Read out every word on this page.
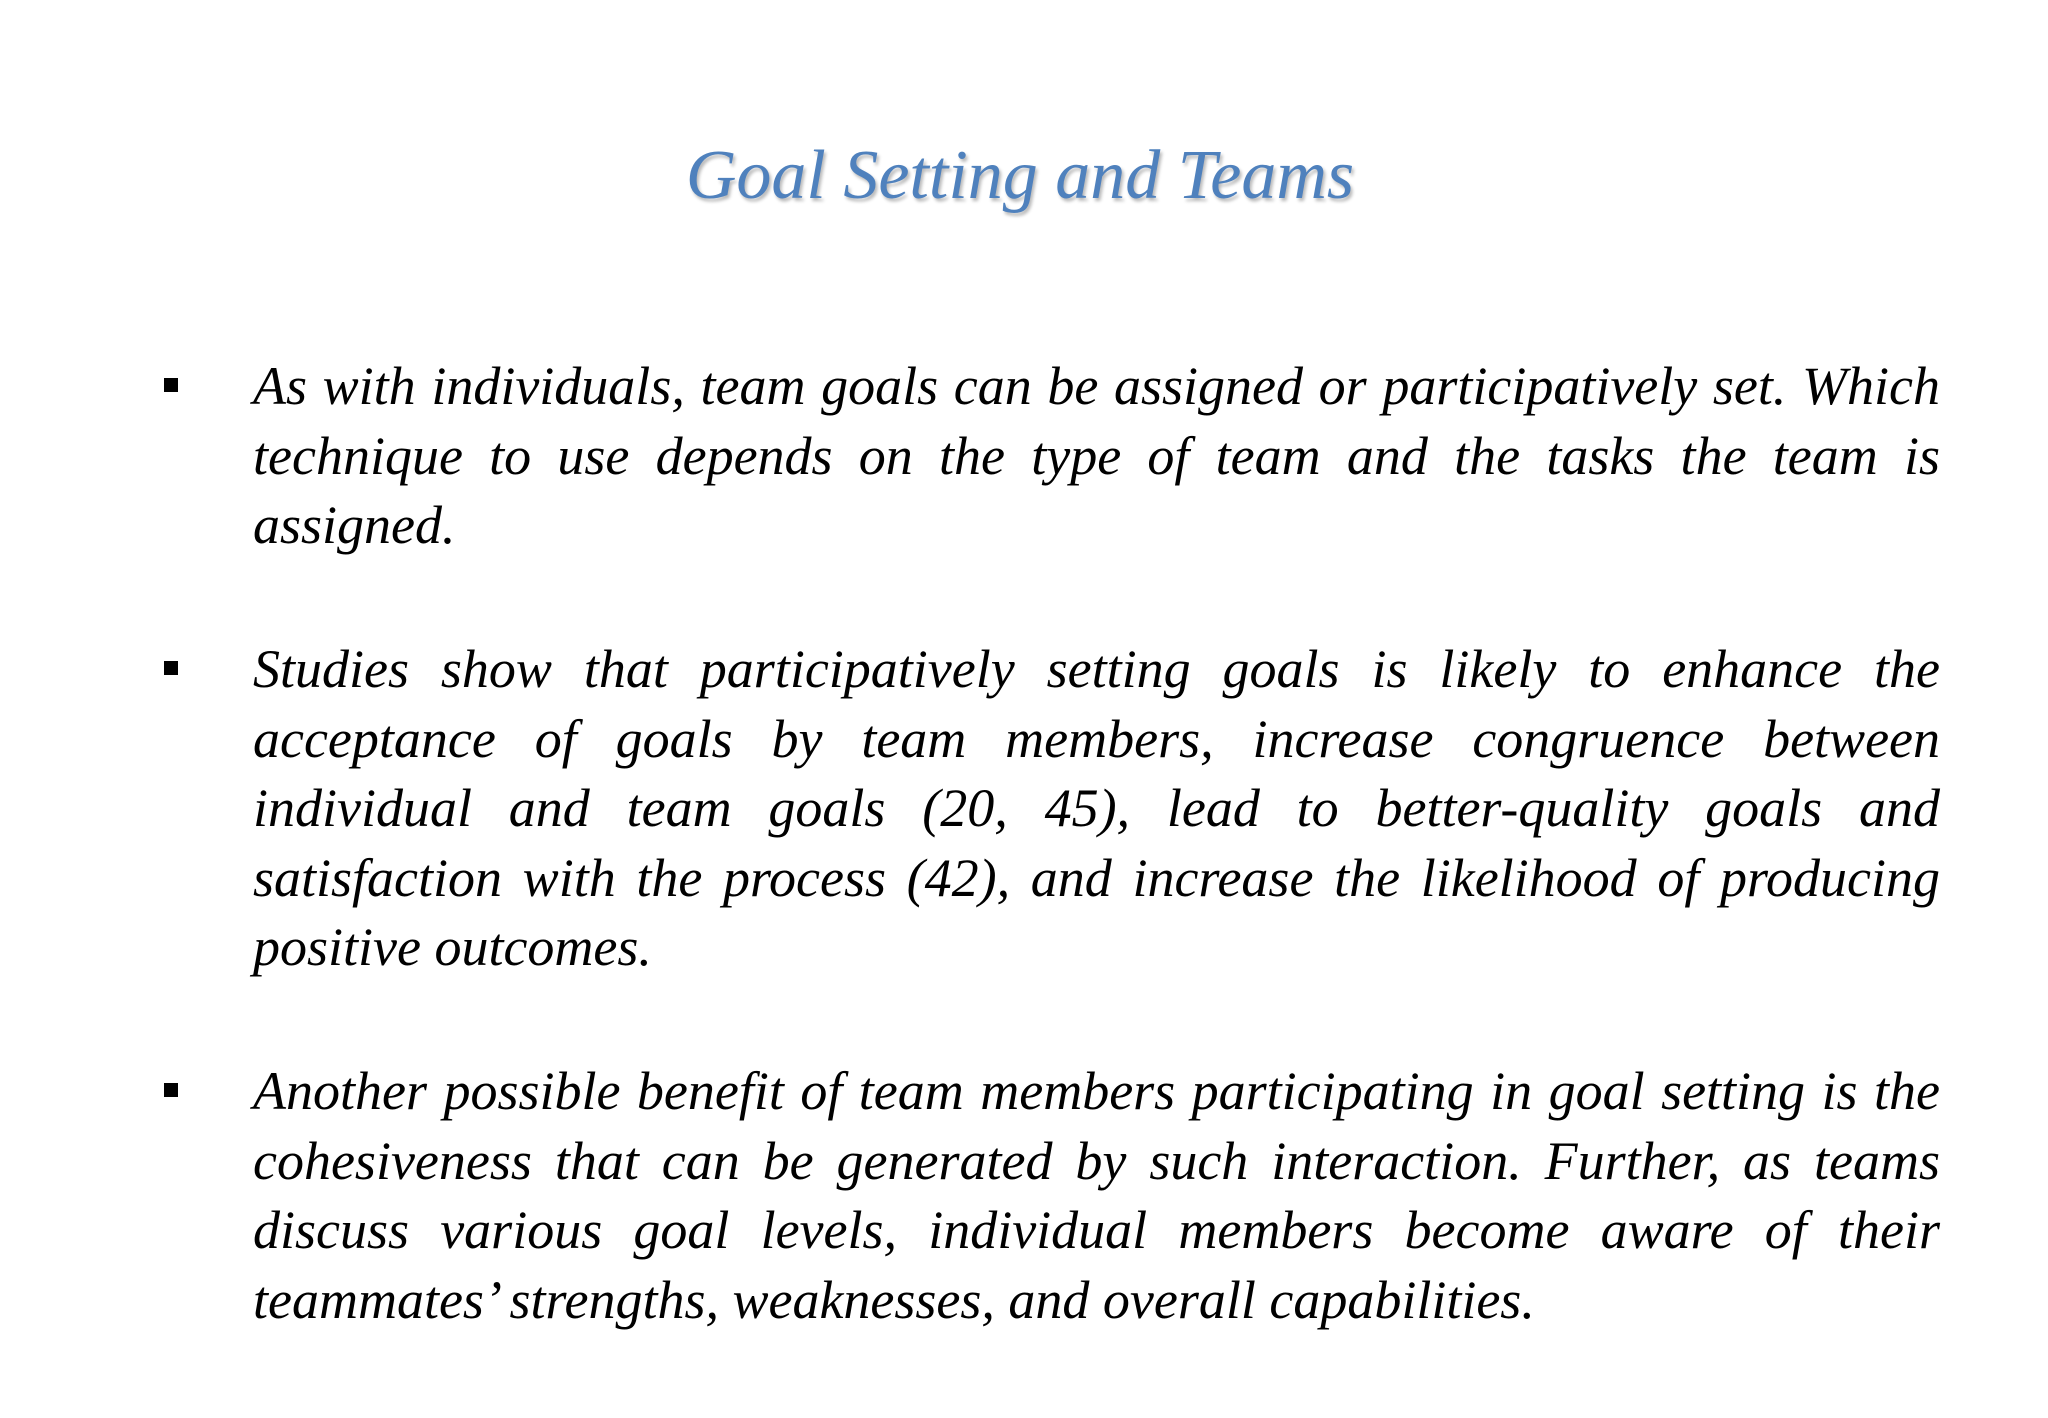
Goal Setting and Teams

As with individuals, team goals can be assigned or participatively set. Which technique to use depends on the type of team and the tasks the team is assigned.

Studies show that participatively setting goals is likely to enhance the acceptance of goals by team members, increase congruence between individual and team goals (20, 45), lead to better-quality goals and satisfaction with the process (42), and increase the likelihood of producing positive outcomes.

Another possible benefit of team members participating in goal setting is the cohesiveness that can be generated by such interaction. Further, as teams discuss various goal levels, individual members become aware of their teammates’ strengths, weaknesses, and overall capabilities.
